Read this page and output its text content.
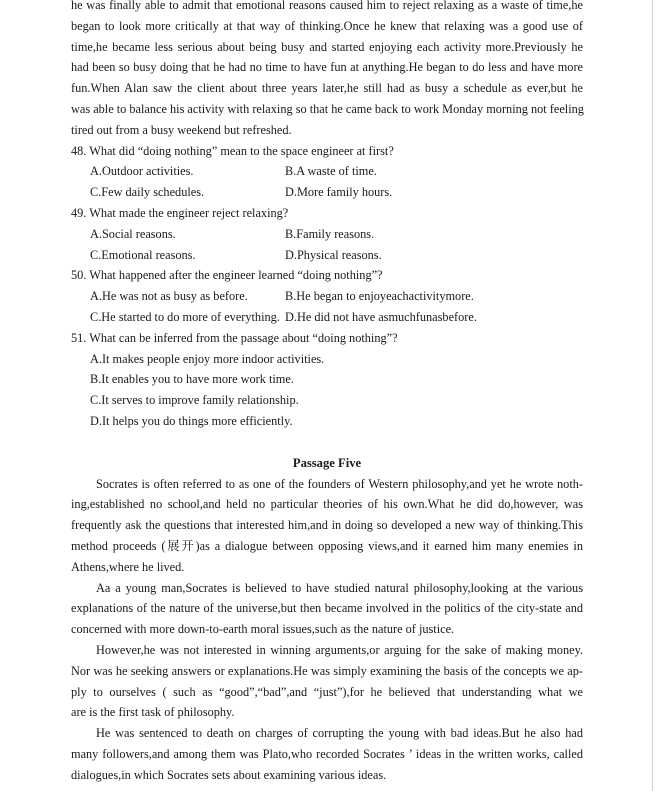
he was finally able to admit that emotional reasons caused him to reject relaxing as a waste of time,he
began to look more critically at that way of thinking.Once he knew that relaxing was a good use of
time,he became less serious about being busy and started enjoying each activity more.Previously he
had been so busy doing that he had no time to have fun at anything.He began to do less and have more
fun.When Alan saw the client about three years later,he still had as busy a schedule as ever,but he
was able to balance his activity with relaxing so that he came back to work Monday morning not feeling
tired out from a busy weekend but refreshed.
48. What did “doing nothing” mean to the space engineer at first?
A.Outdoor activities.	B.A waste of time.
C.Few daily schedules.	D.More family hours.
49. What made the engineer reject relaxing?
A.Social reasons.	B.Family reasons.
C.Emotional reasons.	D.Physical reasons.
50. What happened after the engineer learned “doing nothing”?
A.He was not as busy as before.	B.He began to enjoyeachactivitymore.
C.He started to do more of everything. D.He did not have asmuchfunasbefore.
51. What can be inferred from the passage about “doing nothing”?
A.It makes people enjoy more indoor activities.
B.It enables you to have more work time.
C.It serves to improve family relationship.
D.It helps you do things more efficiently.
Passage Five
Socrates is often referred to as one of the founders of Western philosophy,and yet he wrote noth-
ing,established no school,and held no particular theories of his own.What he did do,however, was
frequently ask the questions that interested him,and in doing so developed a new way of thinking.This
method proceeds (展开)as a dialogue between opposing views,and it earned him many enemies in
Athens,where he lived.
Aa a young man,Socrates is believed to have studied natural philosophy,looking at the various
explanations of the nature of the universe,but then became involved in the politics of the city-state and
concerned with more down-to-earth moral issues,such as the nature of justice.
However,he was not interested in winning arguments,or arguing for the sake of making money.
Nor was he seeking answers or explanations.He was simply examining the basis of the concepts we ap-
ply to ourselves ( such as “good”,“bad”,and “just”),for he believed that understanding what we
are is the first task of philosophy.
He was sentenced to death on charges of corrupting the young with bad ideas.But he also had
many followers,and among them was Plato,who recorded Socrates ’ ideas in the written works, called
dialogues,in which Socrates sets about examining various ideas.
